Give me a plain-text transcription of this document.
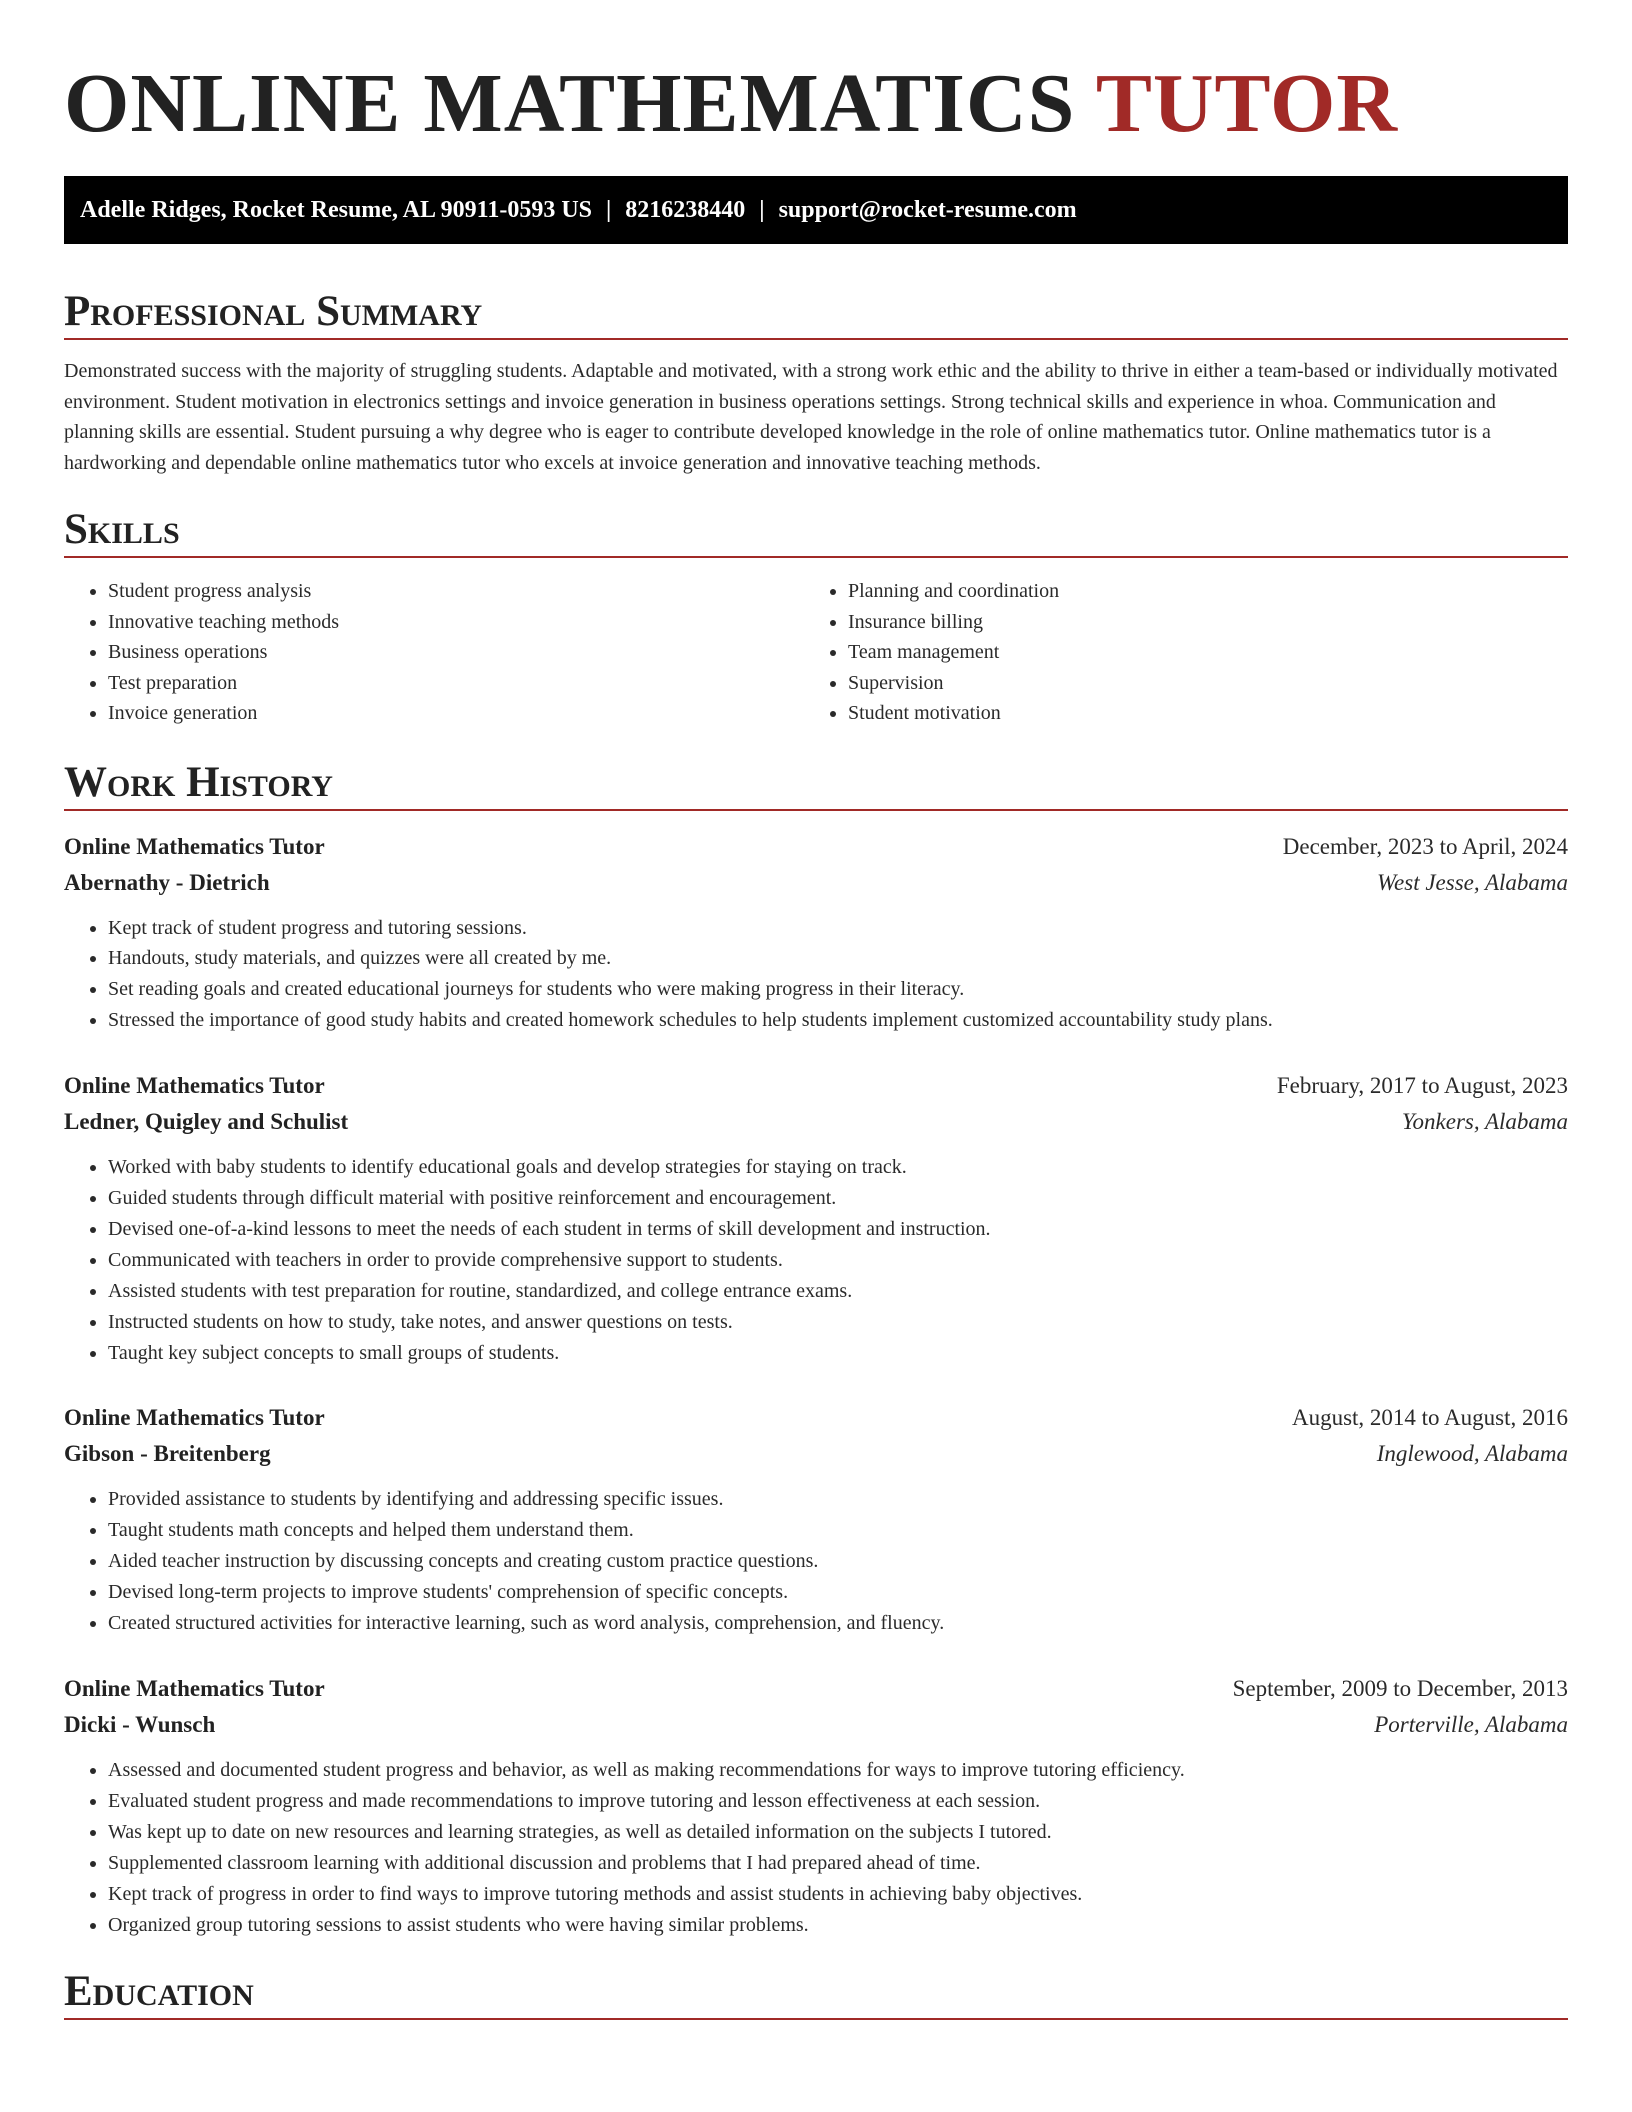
ONLINE MATHEMATICS TUTOR
Adelle Ridges, Rocket Resume, AL 90911-0593 US | 8216238440 | support@rocket-resume.com
Professional Summary

Demonstrated success with the majority of struggling students. Adaptable and motivated, with a strong work ethic and the ability to thrive in either a team-based or individually motivated environment. Student motivation in electronics settings and invoice generation in business operations settings. Strong technical skills and experience in whoa. Communication and planning skills are essential. Student pursuing a why degree who is eager to contribute developed knowledge in the role of online mathematics tutor. Online mathematics tutor is a hardworking and dependable online mathematics tutor who excels at invoice generation and innovative teaching methods.

Skills
• Student progress analysis
• Innovative teaching methods
• Business operations
• Test preparation
• Invoice generation
• Planning and coordination
• Insurance billing
• Team management
• Supervision
• Student motivation
Work History
Online Mathematics Tutor	December, 2023 to April, 2024
Abernathy - Dietrich	West Jesse, Alabama
• Kept track of student progress and tutoring sessions.
• Handouts, study materials, and quizzes were all created by me.
• Set reading goals and created educational journeys for students who were making progress in their literacy.
• Stressed the importance of good study habits and created homework schedules to help students implement customized accountability study plans.
Online Mathematics Tutor	February, 2017 to August, 2023
Ledner, Quigley and Schulist	Yonkers, Alabama
• Worked with baby students to identify educational goals and develop strategies for staying on track.
• Guided students through difficult material with positive reinforcement and encouragement.
• Devised one-of-a-kind lessons to meet the needs of each student in terms of skill development and instruction.
• Communicated with teachers in order to provide comprehensive support to students.
• Assisted students with test preparation for routine, standardized, and college entrance exams.
• Instructed students on how to study, take notes, and answer questions on tests.
• Taught key subject concepts to small groups of students.
Online Mathematics Tutor	August, 2014 to August, 2016
Gibson - Breitenberg	Inglewood, Alabama
• Provided assistance to students by identifying and addressing specific issues.
• Taught students math concepts and helped them understand them.
• Aided teacher instruction by discussing concepts and creating custom practice questions.
• Devised long-term projects to improve students' comprehension of specific concepts.
• Created structured activities for interactive learning, such as word analysis, comprehension, and fluency.
Online Mathematics Tutor	September, 2009 to December, 2013
Dicki - Wunsch	Porterville, Alabama
• Assessed and documented student progress and behavior, as well as making recommendations for ways to improve tutoring efficiency.
• Evaluated student progress and made recommendations to improve tutoring and lesson effectiveness at each session.
• Was kept up to date on new resources and learning strategies, as well as detailed information on the subjects I tutored.
• Supplemented classroom learning with additional discussion and problems that I had prepared ahead of time.
• Kept track of progress in order to find ways to improve tutoring methods and assist students in achieving baby objectives.
• Organized group tutoring sessions to assist students who were having similar problems.
Education
